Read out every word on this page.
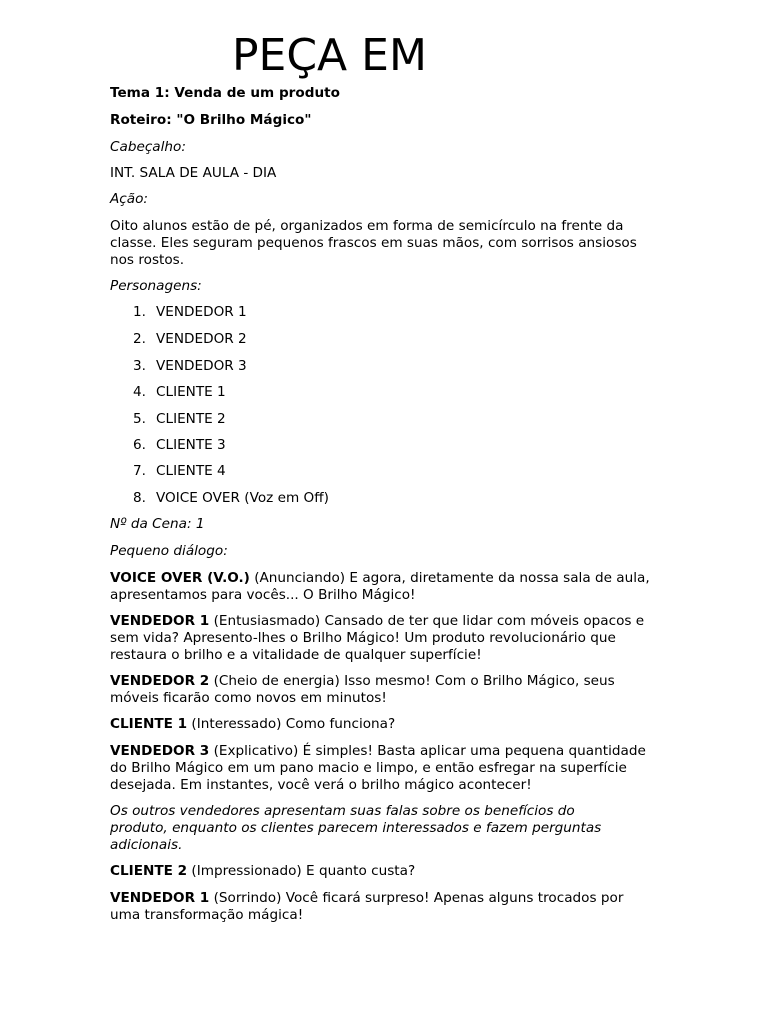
PEÇA EM

Tema 1: Venda de um produto

Roteiro: "O Brilho Mágico"

Cabeçalho:

INT. SALA DE AULA - DIA

Ação:

Oito alunos estão de pé, organizados em forma de semicírculo na frente da classe. Eles seguram pequenos frascos em suas mãos, com sorrisos ansiosos nos rostos.

Personagens:

1. VENDEDOR 1
2. VENDEDOR 2
3. VENDEDOR 3
4. CLIENTE 1
5. CLIENTE 2
6. CLIENTE 3
7. CLIENTE 4
8. VOICE OVER (Voz em Off)

Nº da Cena: 1

Pequeno diálogo:

VOICE OVER (V.O.) (Anunciando) E agora, diretamente da nossa sala de aula, apresentamos para vocês... O Brilho Mágico!

VENDEDOR 1 (Entusiasmado) Cansado de ter que lidar com móveis opacos e sem vida? Apresento-lhes o Brilho Mágico! Um produto revolucionário que restaura o brilho e a vitalidade de qualquer superfície!

VENDEDOR 2 (Cheio de energia) Isso mesmo! Com o Brilho Mágico, seus móveis ficarão como novos em minutos!

CLIENTE 1 (Interessado) Como funciona?

VENDEDOR 3 (Explicativo) É simples! Basta aplicar uma pequena quantidade do Brilho Mágico em um pano macio e limpo, e então esfregar na superfície desejada. Em instantes, você verá o brilho mágico acontecer!

Os outros vendedores apresentam suas falas sobre os benefícios do produto, enquanto os clientes parecem interessados e fazem perguntas adicionais.

CLIENTE 2 (Impressionado) E quanto custa?

VENDEDOR 1 (Sorrindo) Você ficará surpreso! Apenas alguns trocados por uma transformação mágica!
